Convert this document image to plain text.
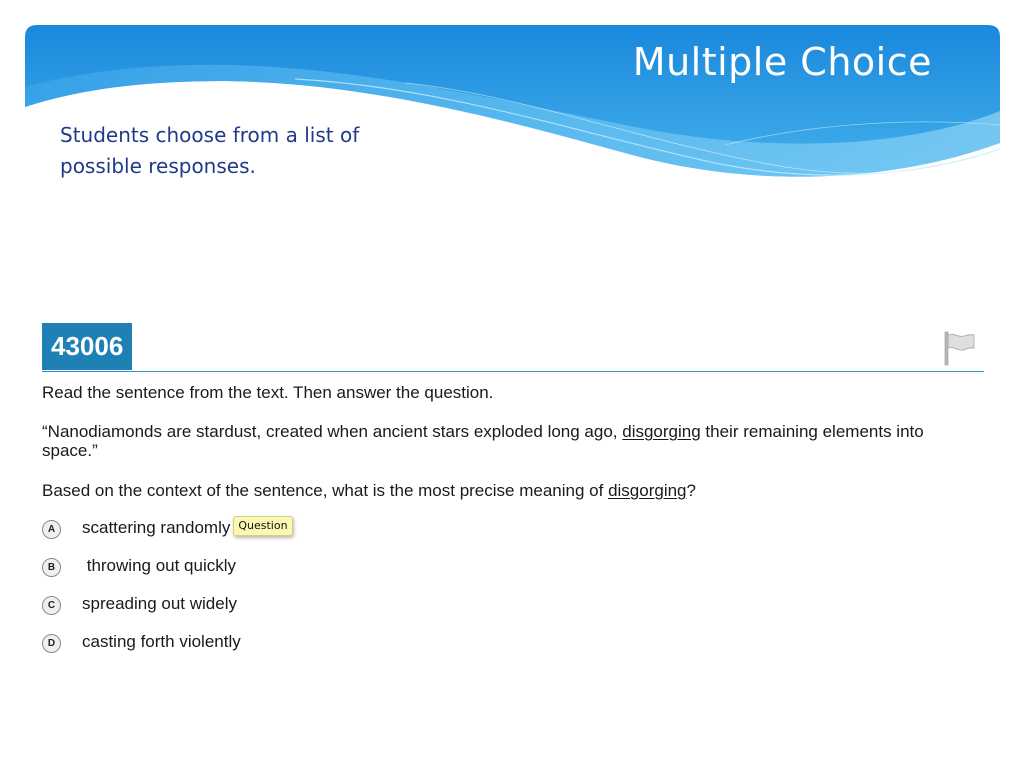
Multiple Choice
Students choose from a list of possible responses.
43006

Read the sentence from the text. Then answer the question.

“Nanodiamonds are stardust, created when ancient stars exploded long ago, disgorging their remaining elements into space.”

Based on the context of the sentence, what is the most precise meaning of disgorging?

A	scattering randomly Question
B	throwing out quickly
C	spreading out widely
D	casting forth violently
